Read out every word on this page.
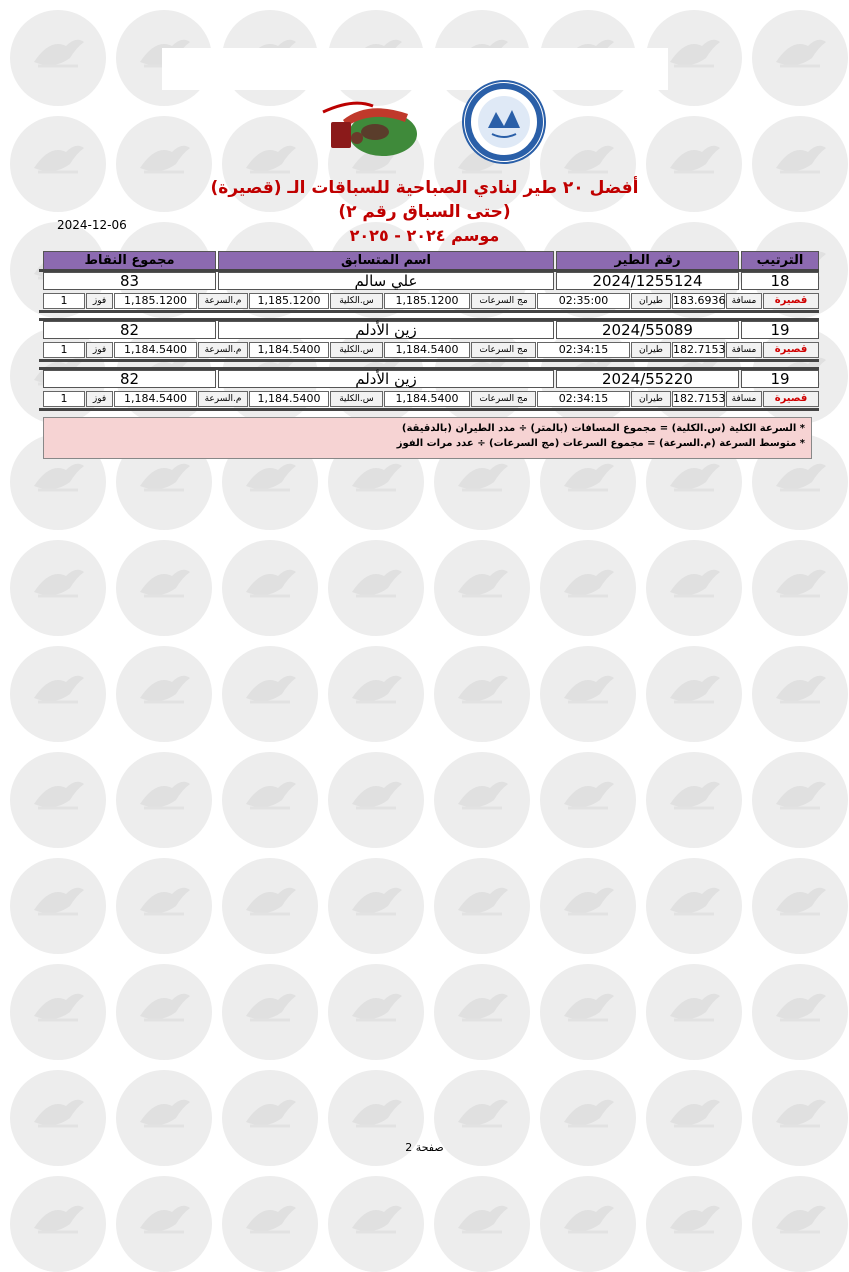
أفضل ٢٠ طير لنادي الصباحية للسباقات الـ (قصيرة)
(حتى السباق رقم ٢)
موسم ٢٠٢٤ - ٢٠٢٥
2024-12-06
الترتيب
رقم الطير
اسم المتسابق
مجموع النقاط
18
2024/1255124
علي سالم
83
قصيرة
مسافة
183.6936
طيران
02:35:00
مج السرعات
1,185.1200
س.الكلية
1,185.1200
م.السرعة
1,185.1200
فوز
1
19
2024/55089
زين الأدلم
82
قصيرة
مسافة
182.7153
طيران
02:34:15
مج السرعات
1,184.5400
س.الكلية
1,184.5400
م.السرعة
1,184.5400
فوز
1
19
2024/55220
زين الأدلم
82
قصيرة
مسافة
182.7153
طيران
02:34:15
مج السرعات
1,184.5400
س.الكلية
1,184.5400
م.السرعة
1,184.5400
فوز
1
* السرعة الكلية (س.الكلية) = مجموع المسافات (بالمتر) ÷ مدد الطيران (بالدقيقة)
* متوسط السرعة (م.السرعة) = مجموع السرعات (مج السرعات) ÷ عدد مرات الفوز
صفحة 2
